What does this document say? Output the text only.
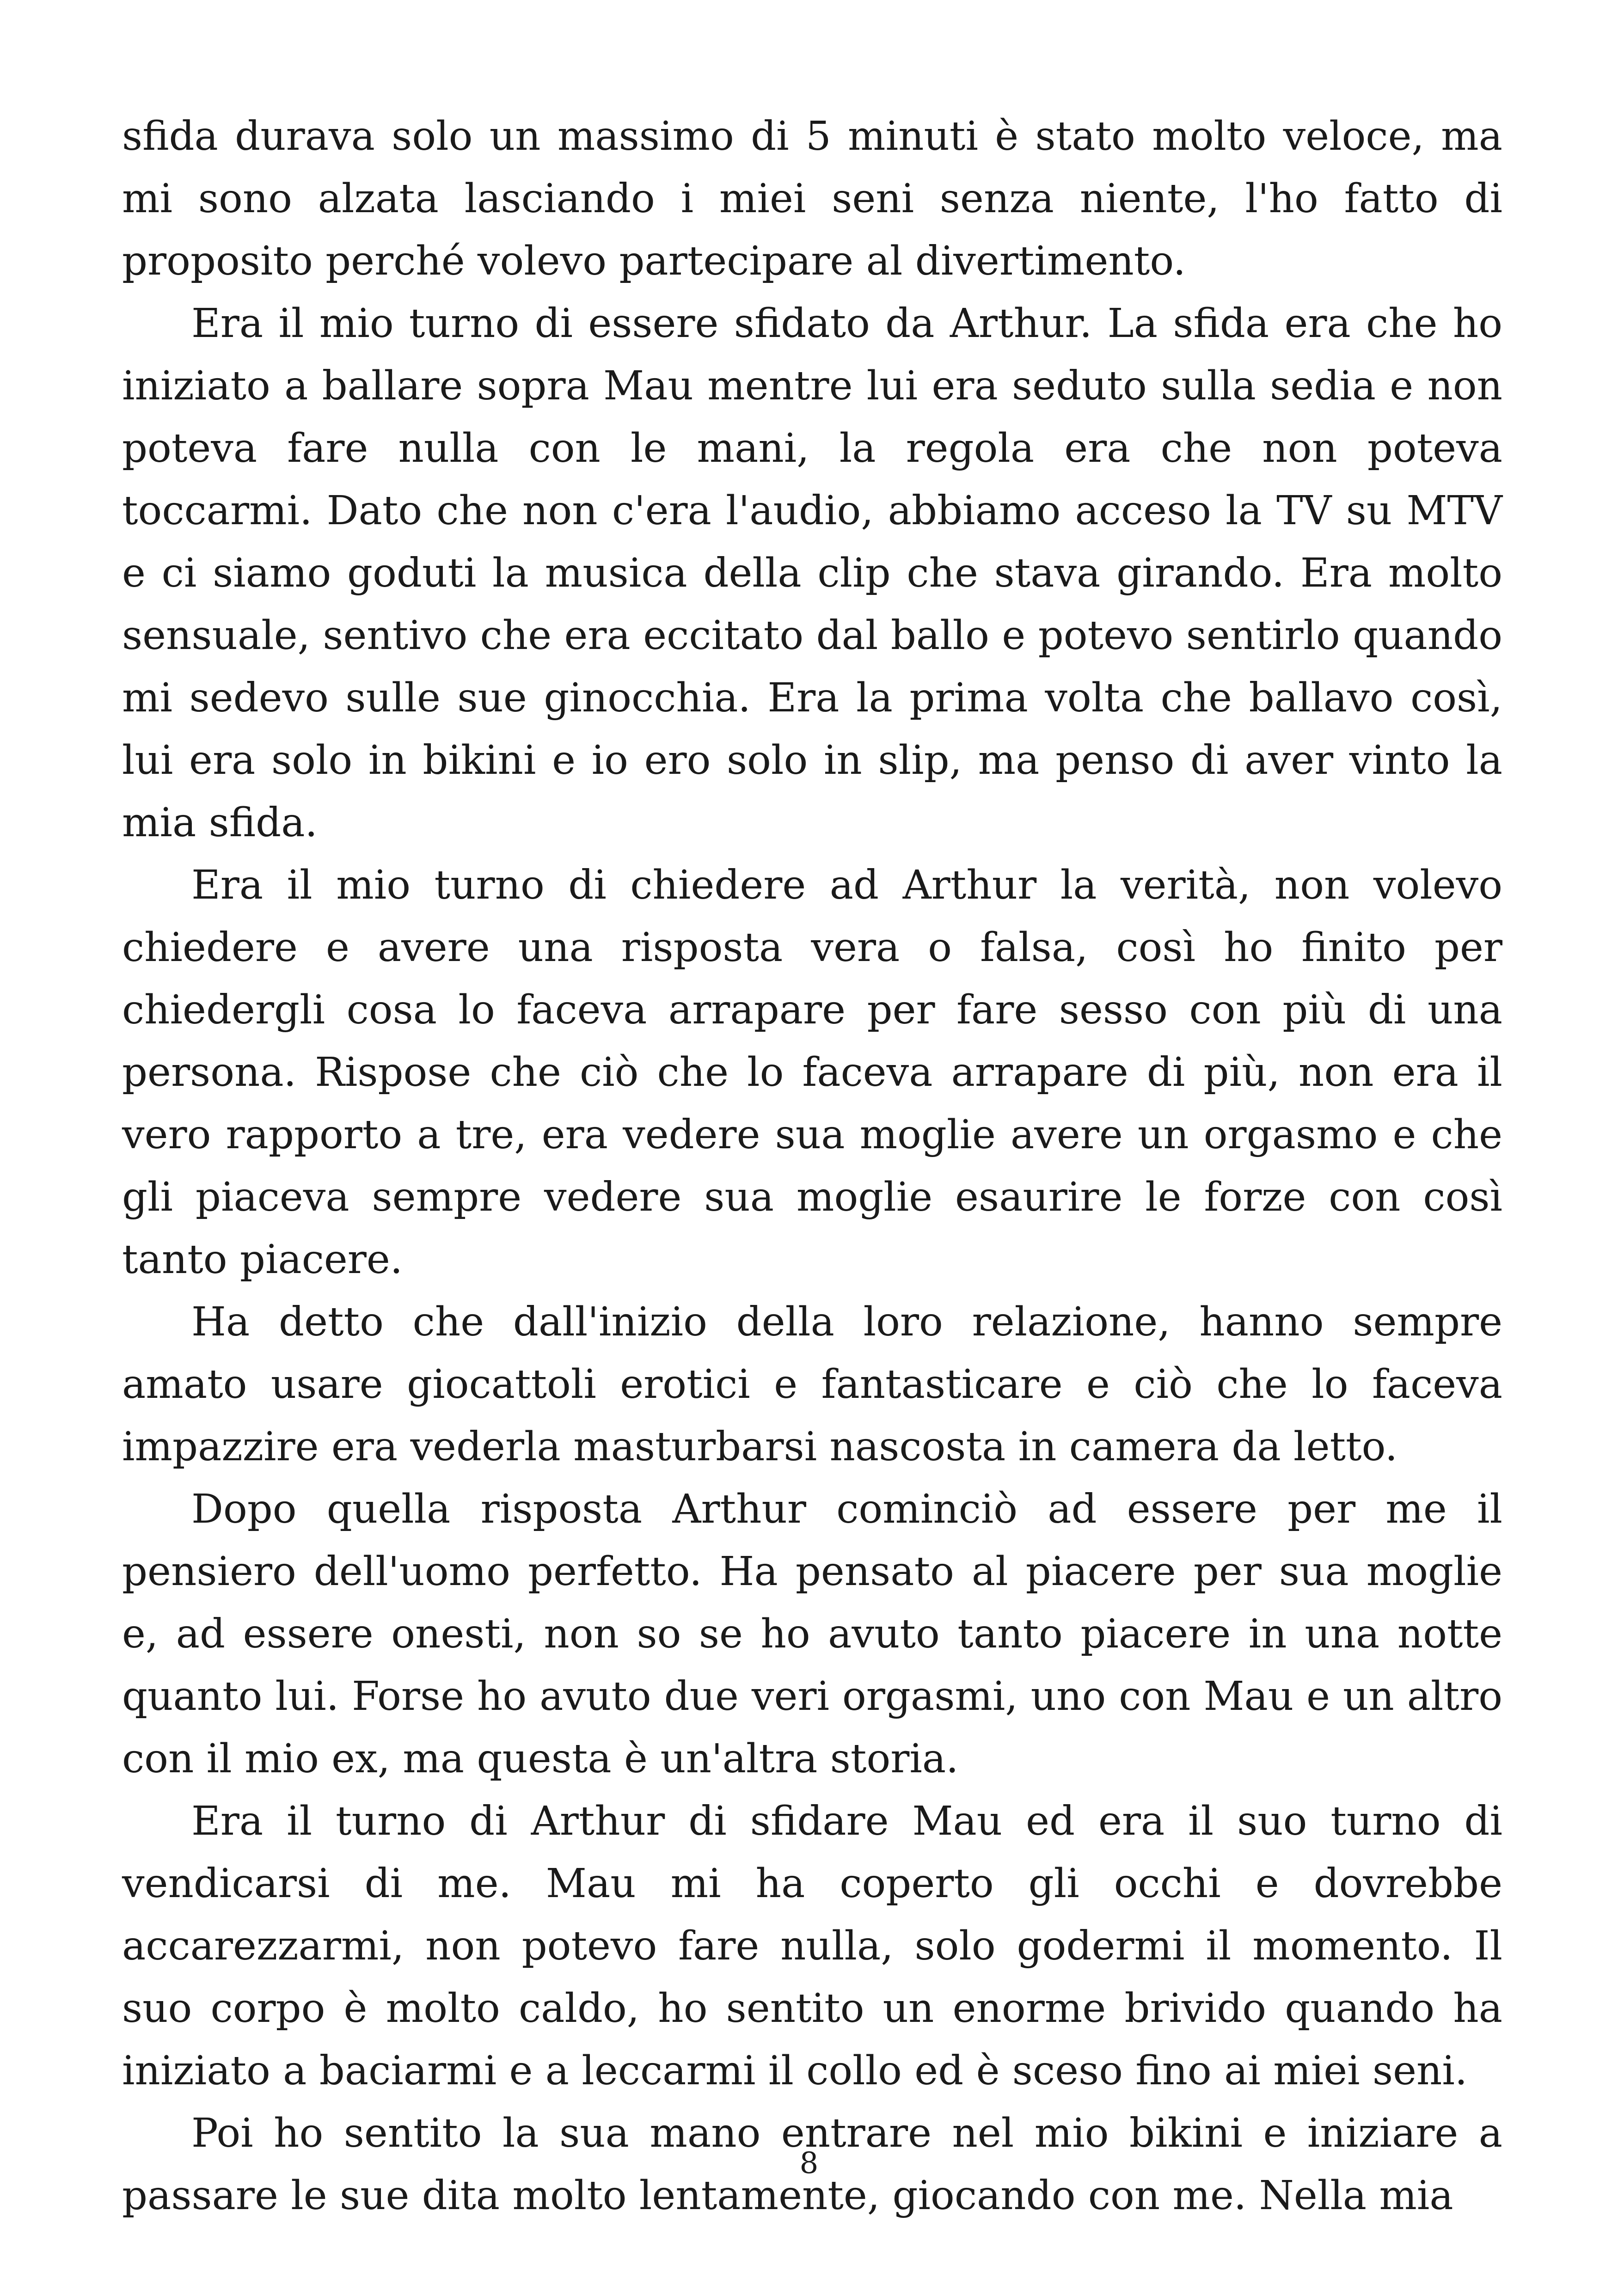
sfida durava solo un massimo di 5 minuti è stato molto veloce, ma mi sono alzata lasciando i miei seni senza niente, l'ho fatto di proposito perché volevo partecipare al divertimento.

Era il mio turno di essere sfidato da Arthur. La sfida era che ho iniziato a ballare sopra Mau mentre lui era seduto sulla sedia e non poteva fare nulla con le mani, la regola era che non poteva toccarmi. Dato che non c'era l'audio, abbiamo acceso la TV su MTV e ci siamo goduti la musica della clip che stava girando. Era molto sensuale, sentivo che era eccitato dal ballo e potevo sentirlo quando mi sedevo sulle sue ginocchia. Era la prima volta che ballavo così, lui era solo in bikini e io ero solo in slip, ma penso di aver vinto la mia sfida.

Era il mio turno di chiedere ad Arthur la verità, non volevo chiedere e avere una risposta vera o falsa, così ho finito per chiedergli cosa lo faceva arrapare per fare sesso con più di una persona. Rispose che ciò che lo faceva arrapare di più, non era il vero rapporto a tre, era vedere sua moglie avere un orgasmo e che gli piaceva sempre vedere sua moglie esaurire le forze con così tanto piacere.

Ha detto che dall'inizio della loro relazione, hanno sempre amato usare giocattoli erotici e fantasticare e ciò che lo faceva impazzire era vederla masturbarsi nascosta in camera da letto.

Dopo quella risposta Arthur cominciò ad essere per me il pensiero dell'uomo perfetto. Ha pensato al piacere per sua moglie e, ad essere onesti, non so se ho avuto tanto piacere in una notte quanto lui. Forse ho avuto due veri orgasmi, uno con Mau e un altro con il mio ex, ma questa è un'altra storia.

Era il turno di Arthur di sfidare Mau ed era il suo turno di vendicarsi di me. Mau mi ha coperto gli occhi e dovrebbe accarezzarmi, non potevo fare nulla, solo godermi il momento. Il suo corpo è molto caldo, ho sentito un enorme brivido quando ha iniziato a baciarmi e a leccarmi il collo ed è sceso fino ai miei seni.

Poi ho sentito la sua mano entrare nel mio bikini e iniziare a passare le sue dita molto lentamente, giocando con me. Nella mia

8
